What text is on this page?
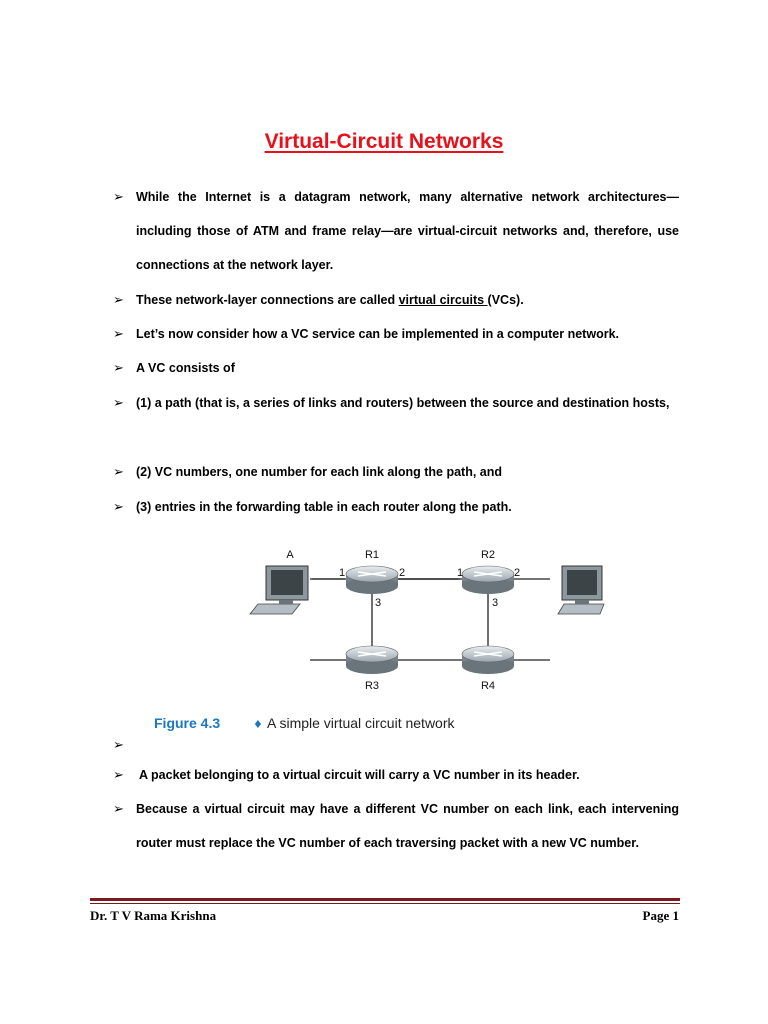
Virtual-Circuit Networks
➢ While the Internet is a datagram network, many alternative network architectures—including those of ATM and frame relay—are virtual-circuit networks and, therefore, use connections at the network layer.
➢ These network-layer connections are called virtual circuits (VCs).
➢ Let’s now consider how a VC service can be implemented in a computer network.
➢ A VC consists of
➢ (1) a path (that is, a series of links and routers) between the source and destination hosts,
➢ (2) VC numbers, one number for each link along the path, and
➢ (3) entries in the forwarding table in each router along the path.
A	R1	R2
R3	R4
1	2
3
1	2
3
Figure 4.3	♦ A simple virtual circuit network
➢
➢ A packet belonging to a virtual circuit will carry a VC number in its header.
➢ Because a virtual circuit may have a different VC number on each link, each intervening router must replace the VC number of each traversing packet with a new VC number.
Dr. T V Rama Krishna	Page 1
